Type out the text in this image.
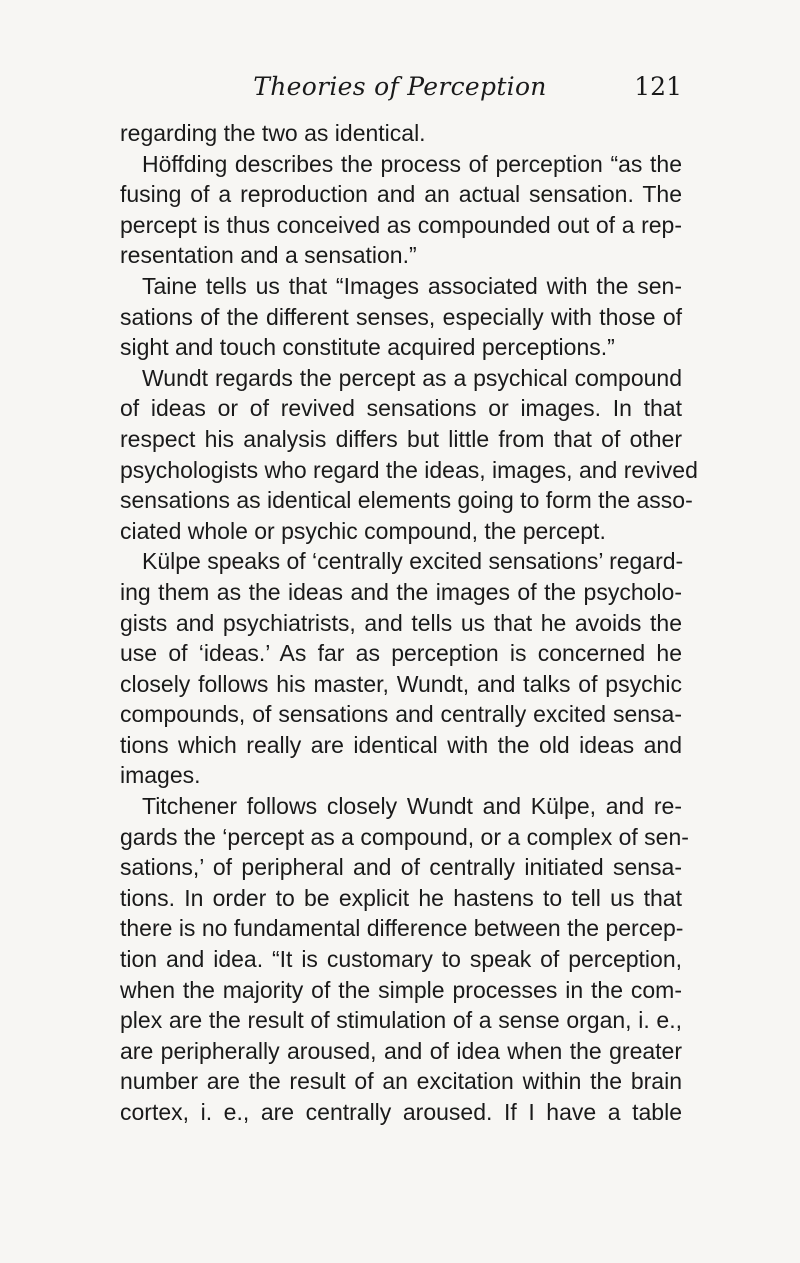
Theories of Perception	121
regarding the two as identical.
Höffding describes the process of perception “as the
fusing of a reproduction and an actual sensation. The
percept is thus conceived as compounded out of a rep-
resentation and a sensation.”
Taine tells us that “Images associated with the sen-
sations of the different senses, especially with those of
sight and touch constitute acquired perceptions.”
Wundt regards the percept as a psychical compound
of ideas or of revived sensations or images. In that
respect his analysis differs but little from that of other
psychologists who regard the ideas, images, and revived
sensations as identical elements going to form the asso-
ciated whole or psychic compound, the percept.
Külpe speaks of ‘centrally excited sensations’ regard-
ing them as the ideas and the images of the psycholo-
gists and psychiatrists, and tells us that he avoids the
use of ‘ideas.’ As far as perception is concerned he
closely follows his master, Wundt, and talks of psychic
compounds, of sensations and centrally excited sensa-
tions which really are identical with the old ideas and
images.
Titchener follows closely Wundt and Külpe, and re-
gards the ‘percept as a compound, or a complex of sen-
sations,’ of peripheral and of centrally initiated sensa-
tions. In order to be explicit he hastens to tell us that
there is no fundamental difference between the percep-
tion and idea. “It is customary to speak of perception,
when the majority of the simple processes in the com-
plex are the result of stimulation of a sense organ, i. e.,
are peripherally aroused, and of idea when the greater
number are the result of an excitation within the brain
cortex, i. e., are centrally aroused. If I have a table
